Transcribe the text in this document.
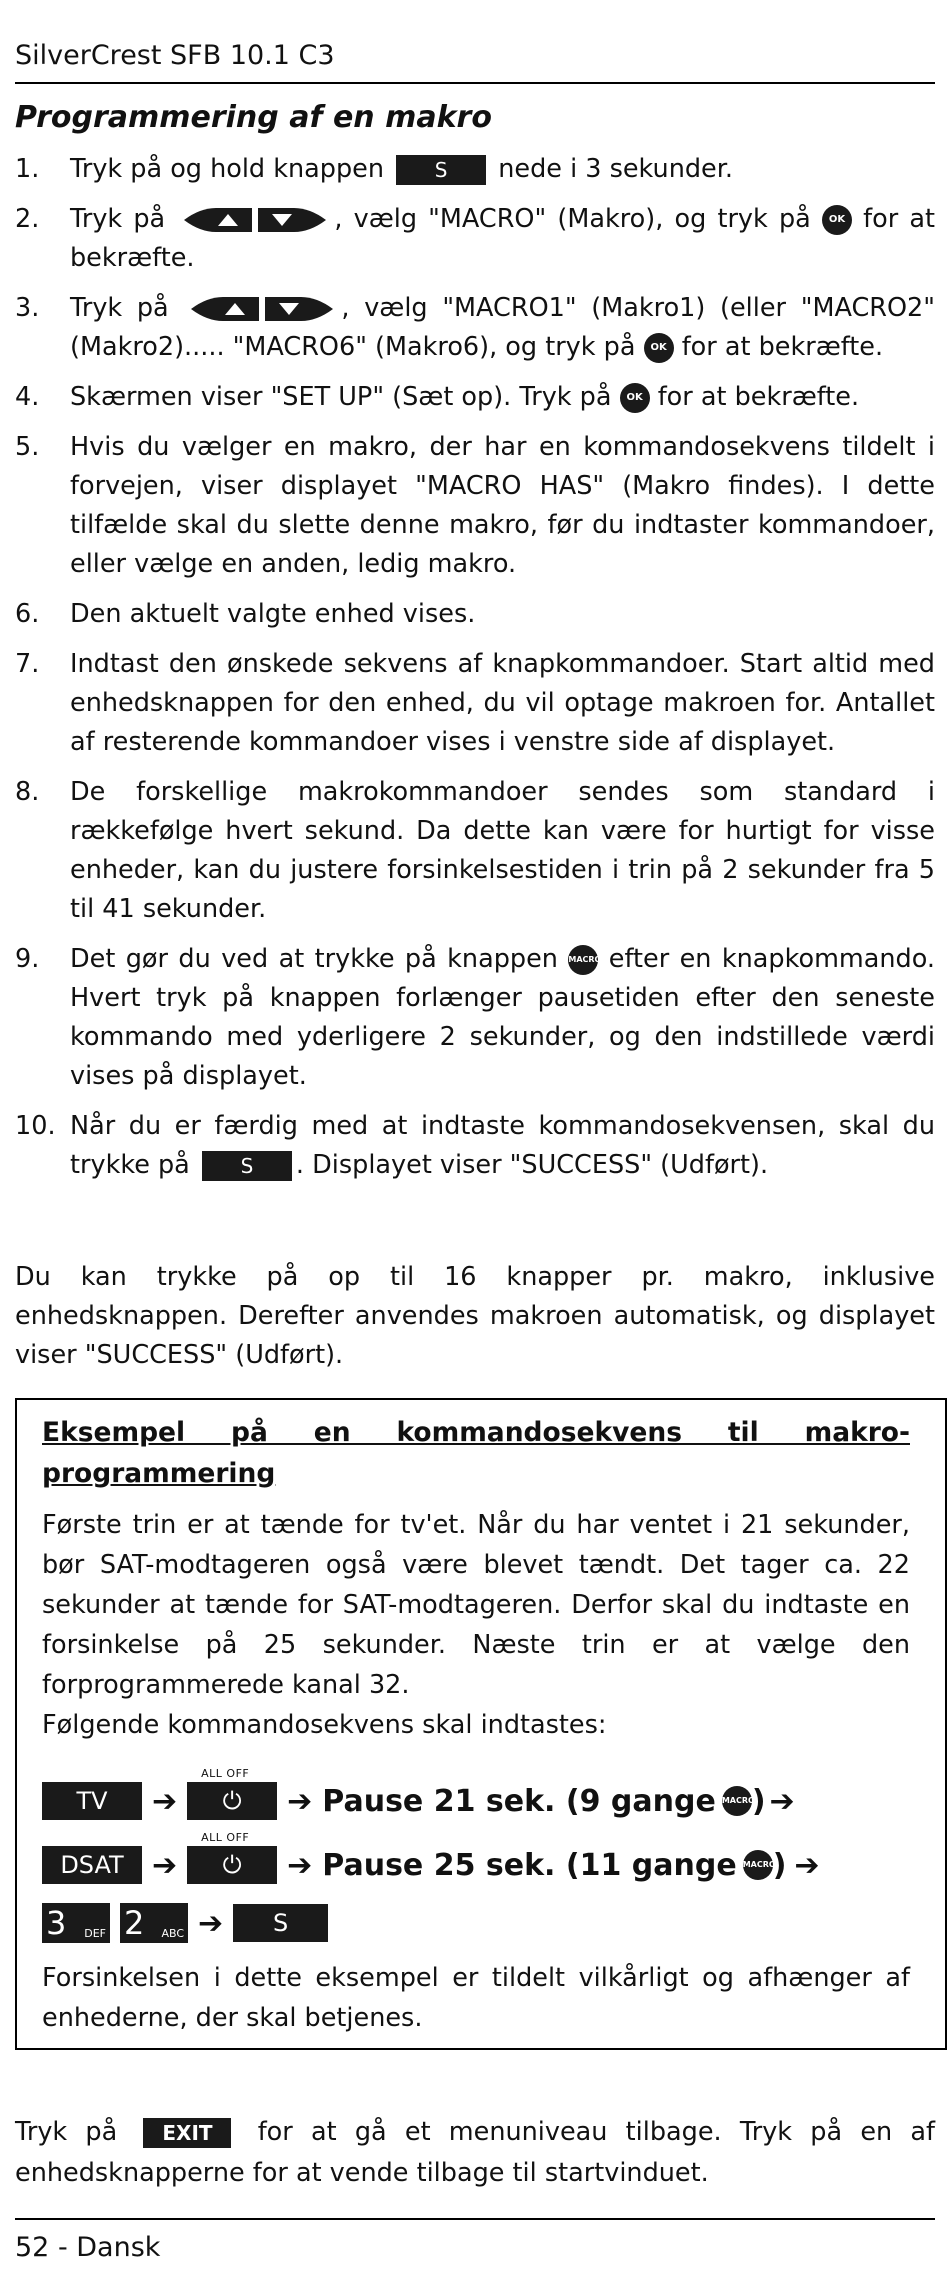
SilverCrest SFB 10.1 C3
Programmering af en makro
1.	Tryk på og hold knappen	S nede i 3 sekunder.
2.	Tryk på	, vælg "MACRO" (Makro), og tryk på OK for at bekræfte.
3.	Tryk på	, vælg "MACRO1" (Makro1) (eller "MACRO2" (Makro2)..... "MACRO6" (Makro6), og tryk på OK for at bekræfte.
4.	Skærmen viser "SET UP" (Sæt op). Tryk på OK for at bekræfte.
5.	Hvis du vælger en makro, der har en kommandosekvens tildelt i forvejen, viser displayet "MACRO HAS" (Makro findes). I dette tilfælde skal du slette denne makro, før du indtaster kommandoer, eller vælge en anden, ledig makro.
6.	Den aktuelt valgte enhed vises.
7.	Indtast den ønskede sekvens af knapkommandoer. Start altid med enhedsknappen for den enhed, du vil optage makroen for. Antallet af resterende kommandoer vises i venstre side af displayet.
8.	De forskellige makrokommandoer sendes som standard i rækkefølge hvert sekund. Da dette kan være for hurtigt for visse enheder, kan du justere forsinkelsestiden i trin på 2 sekunder fra 5 til 41 sekunder.
9.	Det gør du ved at trykke på knappen MACRO efter en knapkommando. Hvert tryk på knappen forlænger pausetiden efter den seneste kommando med yderligere 2 sekunder, og den indstillede værdi vises på displayet.
10. Når du er færdig med at indtaste kommandosekvensen, skal du trykke på	S . Displayet viser "SUCCESS" (Udført).
Du kan trykke på op til 16 knapper pr. makro, inklusive enhedsknappen. Derefter anvendes makroen automatisk, og displayet viser "SUCCESS" (Udført).
Eksempel på en kommandosekvens til makro-programmering
Første trin er at tænde for tv'et. Når du har ventet i 21 sekunder, bør SAT-modtageren også være blevet tændt. Det tager ca. 22 sekunder at tænde for SAT-modtageren. Derfor skal du indtaste en forsinkelse på 25 sekunder. Næste trin er at vælge den forprogrammerede kanal 32.
Følgende kommandosekvens skal indtastes:
TV	➔
ALL OFF
⏻	➔ Pause 21 sek. (9 gange MACRO
) ➔
DSAT ➔
ALL OFF
⏻	➔ Pause 25 sek. (11 gange MACRO
) ➔
3 DEF 2 ABC ➔	S
Forsinkelsen i dette eksempel er tildelt vilkårligt og afhænger af enhederne, der skal betjenes.
Tryk på EXIT for at gå et menuniveau tilbage. Tryk på en af enhedsknapperne for at vende tilbage til startvinduet.
52 - Dansk
